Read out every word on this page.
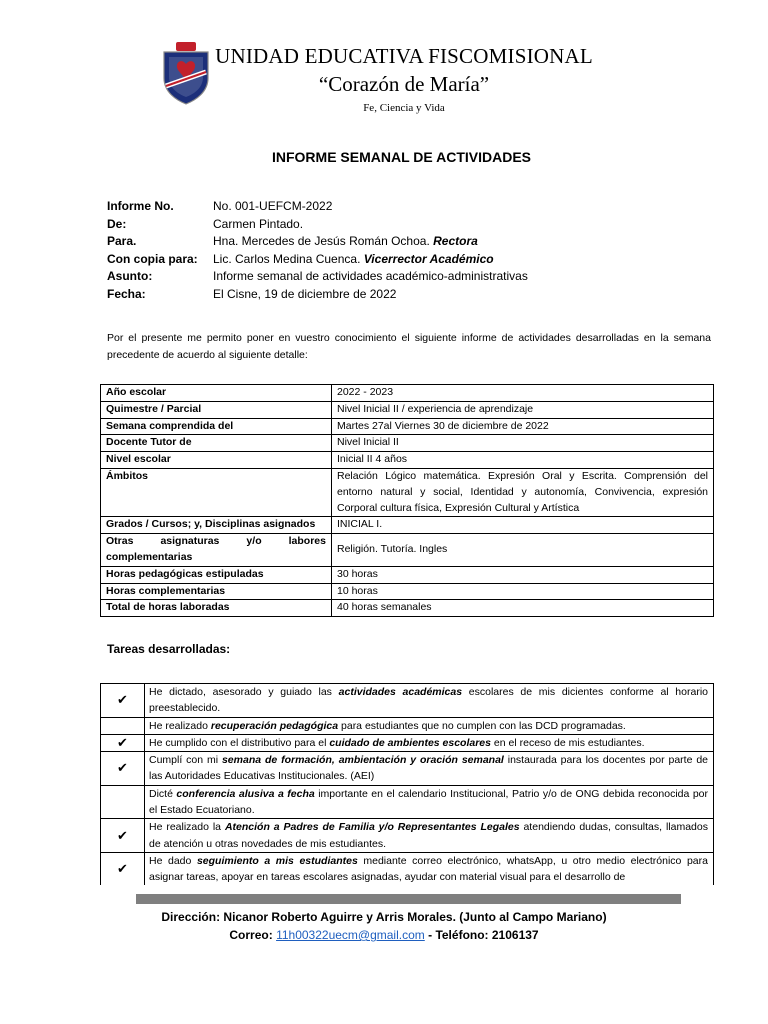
UNIDAD EDUCATIVA FISCOMISIONAL
“Corazón de María”
Fe, Ciencia y Vida
INFORME SEMANAL DE ACTIVIDADES
Informe No.	No. 001-UEFCM-2022
De:	Carmen Pintado.
Para.	Hna. Mercedes de Jesús Román Ochoa. Rectora
Con copia para: Lic. Carlos Medina Cuenca. Vicerrector Académico
Asunto:	Informe semanal de actividades académico-administrativas
Fecha:	El Cisne, 19 de diciembre de 2022
Por el presente me permito poner en vuestro conocimiento el siguiente informe de actividades desarrolladas en la semana precedente de acuerdo al siguiente detalle:
Año escolar	2022 - 2023
Quimestre / Parcial	Nivel Inicial II / experiencia de aprendizaje
Semana comprendida del	Martes 27al Viernes 30 de diciembre de 2022
Docente Tutor de	Nivel Inicial II
Nivel escolar	Inicial II 4 años
Ámbitos	Relación Lógico matemática. Expresión Oral y Escrita. Comprensión del entorno natural y social, Identidad y autonomía, Convivencia, expresión Corporal cultura física, Expresión Cultural y Artística
Grados / Cursos; y, Disciplinas asignados	INICIAL I.
Otras asignaturas y/o labores complementarias	Religión. Tutoría. Ingles
Horas pedagógicas estipuladas	30 horas
Horas complementarias	10 horas
Total de horas laboradas	40 horas semanales
Tareas desarrolladas:
✔	He dictado, asesorado y guiado las actividades académicas escolares de mis dicientes conforme al horario preestablecido.
	He realizado recuperación pedagógica para estudiantes que no cumplen con las DCD programadas.
✔	He cumplido con el distributivo para el cuidado de ambientes escolares en el receso de mis estudiantes.
✔	Cumplí con mi semana de formación, ambientación y oración semanal instaurada para los docentes por parte de las Autoridades Educativas Institucionales. (AEI)
	Dicté conferencia alusiva a fecha importante en el calendario Institucional, Patrio y/o de ONG debida reconocida por el Estado Ecuatoriano.
✔	He realizado la Atención a Padres de Familia y/o Representantes Legales atendiendo dudas, consultas, llamados de atención u otras novedades de mis estudiantes.
✔	He dado seguimiento a mis estudiantes mediante correo electrónico, whatsApp, u otro medio electrónico para asignar tareas, apoyar en tareas escolares asignadas, ayudar con material visual para el desarrollo de
Dirección: Nicanor Roberto Aguirre y Arris Morales. (Junto al Campo Mariano)
Correo: 11h00322uecm@gmail.com - Teléfono: 2106137
